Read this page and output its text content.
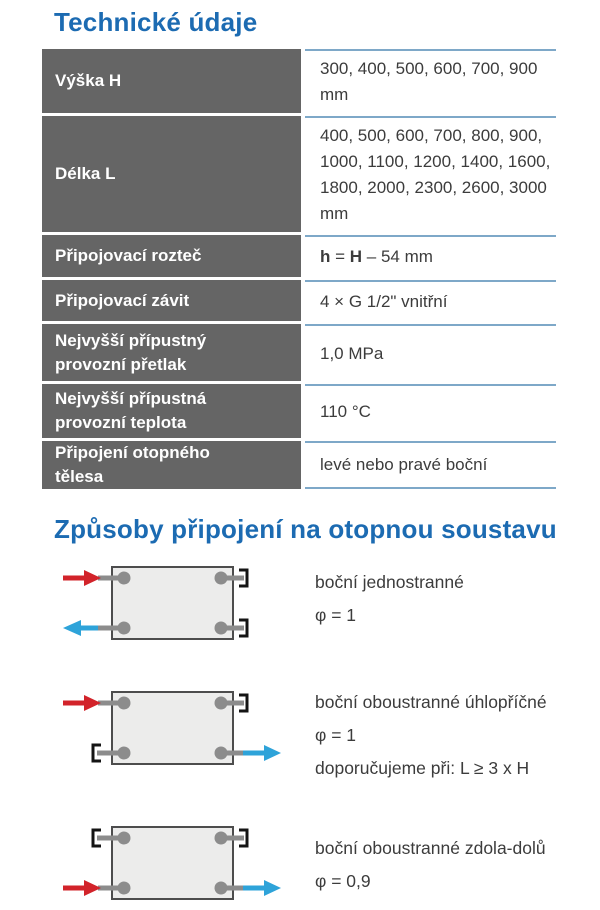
Technické údaje
Výška H
300, 400, 500, 600, 700, 900 mm
Délka L
400, 500, 600, 700, 800, 900, 1000, 1100, 1200, 1400, 1600, 1800, 2000, 2300, 2600, 3000 mm
Připojovací rozteč	h = H – 54 mm
Připojovací závit	4 × G 1/2" vnitřní
Nejvyšší přípustný provozní přetlak
1,0 MPa
Nejvyšší přípustná provozní teplota
110 °C
Připojení otopného tělesa
levé nebo pravé boční
Způsoby připojení na otopnou soustavu

boční jednostranné

φ = 1

boční oboustranné úhlopříčné

φ = 1

doporučujeme při: L ≥ 3 x H

boční oboustranné zdola-dolů

φ = 0,9
